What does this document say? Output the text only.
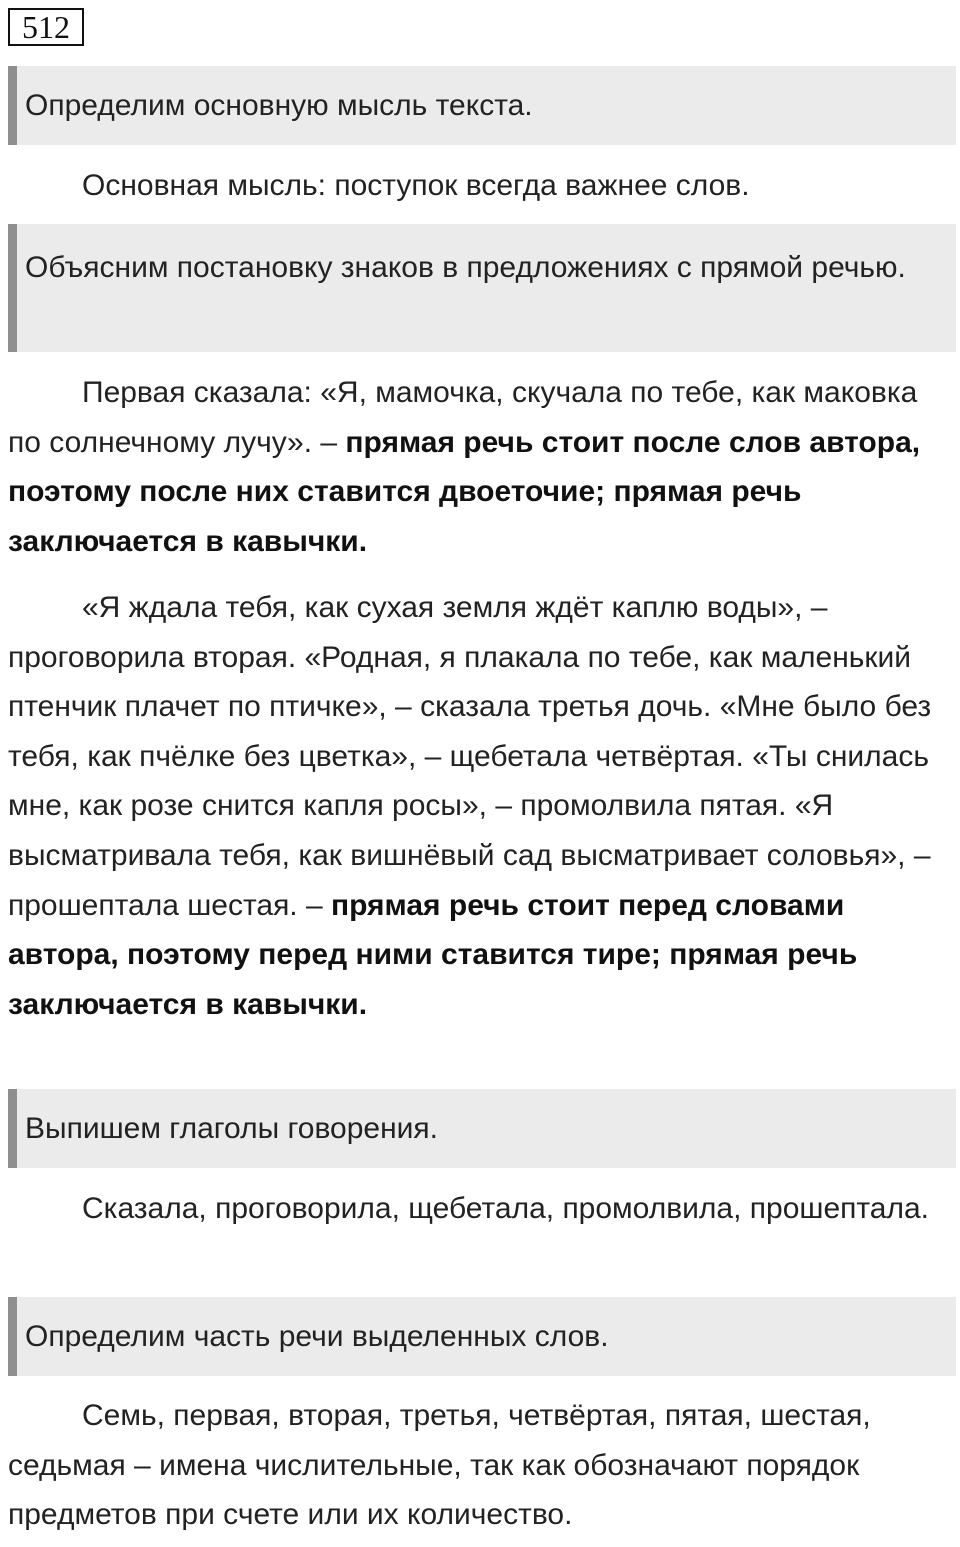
512
Определим основную мысль текста.

Основная мысль: поступок всегда важнее слов.

Объясним постановку знаков в предложениях с прямой речью.

Первая сказала: «Я, мамочка, скучала по тебе, как маковка по солнечному лучу». – прямая речь стоит после слов автора, поэтому после них ставится двоеточие; прямая речь заключается в кавычки.

«Я ждала тебя, как сухая земля ждёт каплю воды», – проговорила вторая. «Родная, я плакала по тебе, как маленький птенчик плачет по птичке», – сказала третья дочь. «Мне было без тебя, как пчёлке без цветка», – щебетала четвёртая. «Ты снилась мне, как розе снится капля росы», – промолвила пятая. «Я высматривала тебя, как вишнёвый сад высматривает соловья», – прошептала шестая. – прямая речь стоит перед словами автора, поэтому перед ними ставится тире; прямая речь заключается в кавычки.

Выпишем глаголы говорения.

Сказала, проговорила, щебетала, промолвила, прошептала.

Определим часть речи выделенных слов.

Семь, первая, вторая, третья, четвёртая, пятая, шестая, седьмая – имена числительные, так как обозначают порядок предметов при счете или их количество.
